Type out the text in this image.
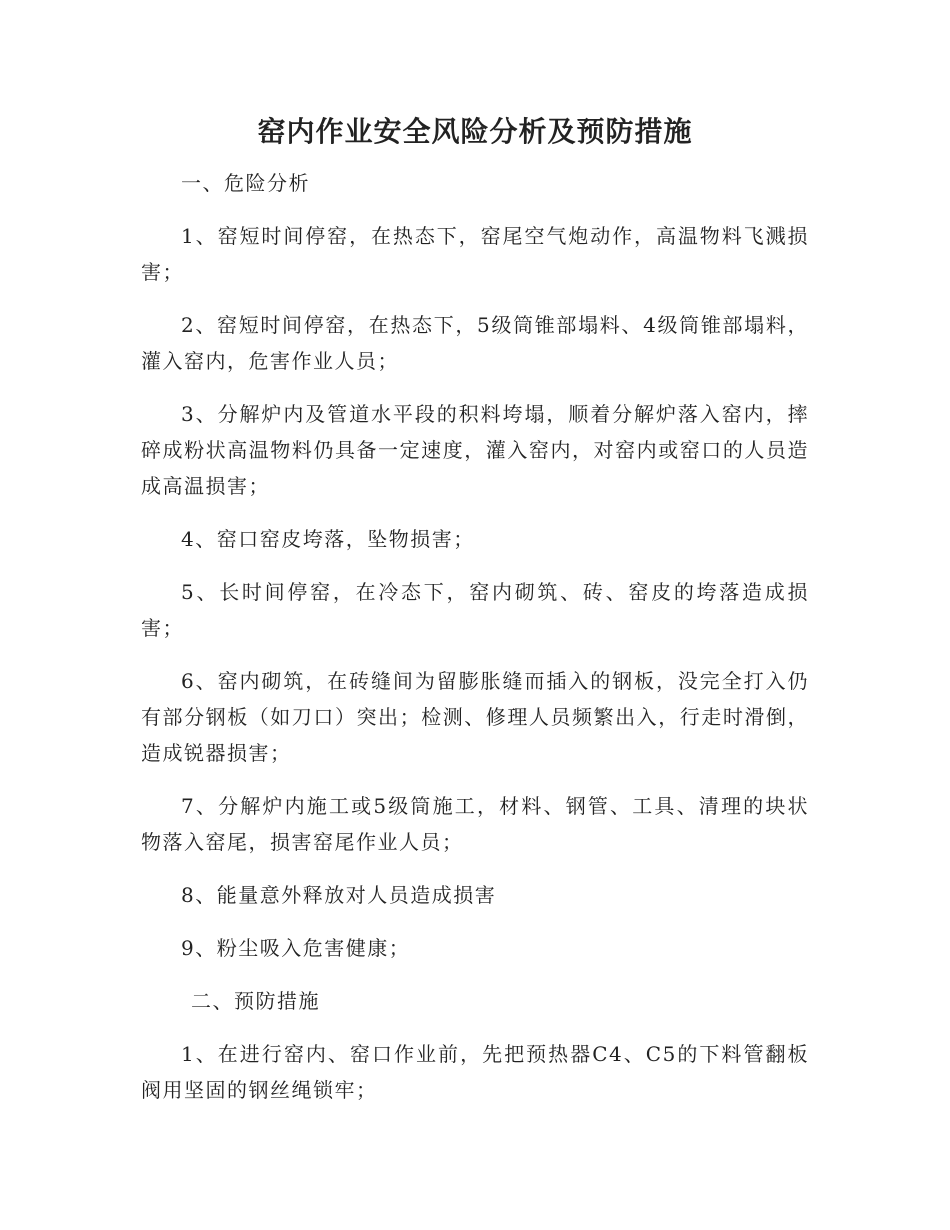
窑内作业安全风险分析及预防措施

一、危险分析

1、窑短时间停窑，在热态下，窑尾空气炮动作，高温物料飞溅损害；

2、窑短时间停窑，在热态下，5级筒锥部塌料、4级筒锥部塌料，灌入窑内，危害作业人员；

3、分解炉内及管道水平段的积料垮塌，顺着分解炉落入窑内，摔碎成粉状高温物料仍具备一定速度，灌入窑内，对窑内或窑口的人员造成高温损害；

4、窑口窑皮垮落，坠物损害；

5、长时间停窑，在冷态下，窑内砌筑、砖、窑皮的垮落造成损害；

6、窑内砌筑，在砖缝间为留膨胀缝而插入的钢板，没完全打入仍有部分钢板（如刀口）突出；检测、修理人员频繁出入，行走时滑倒，造成锐器损害；

7、分解炉内施工或5级筒施工，材料、钢管、工具、清理的块状物落入窑尾，损害窑尾作业人员；

8、能量意外释放对人员造成损害

9、粉尘吸入危害健康；

二、预防措施

1、在进行窑内、窑口作业前，先把预热器C4、C5的下料管翻板阀用坚固的钢丝绳锁牢；
